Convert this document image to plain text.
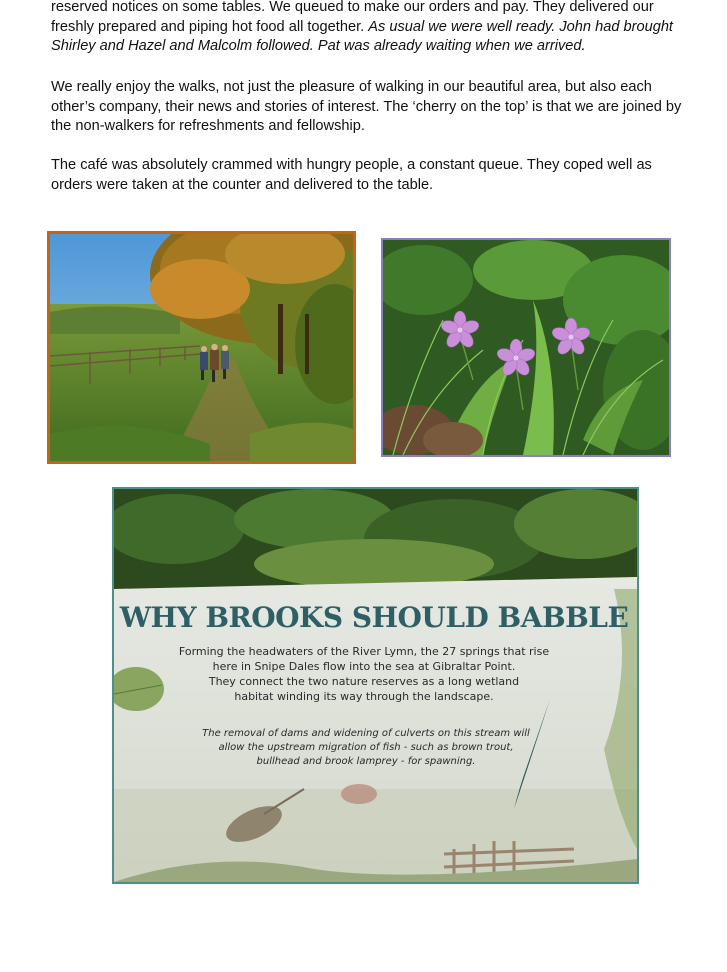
reserved notices on some tables. We queued to make our orders and pay. They delivered our freshly prepared and piping hot food all together. As usual we were well ready. John had brought Shirley and Hazel and Malcolm followed. Pat was already waiting when we arrived.

We really enjoy the walks, not just the pleasure of walking in our beautiful area, but also each other’s company, their news and stories of interest. The ‘cherry on the top’ is that we are joined by the non-walkers for refreshments and fellowship.

The café was absolutely crammed with hungry people, a constant queue. They coped well as orders were taken at the counter and delivered to the table.

WHY BROOKS SHOULD BABBLE
Forming the headwaters of the River Lymn, the 27 springs that rise
here in Snipe Dales flow into the sea at Gibraltar Point.
They connect the two nature reserves as a long wetland
habitat winding its way through the landscape.
The removal of dams and widening of culverts on this stream will
allow the upstream migration of fish - such as brown trout,
bullhead and brook lamprey - for spawning.
